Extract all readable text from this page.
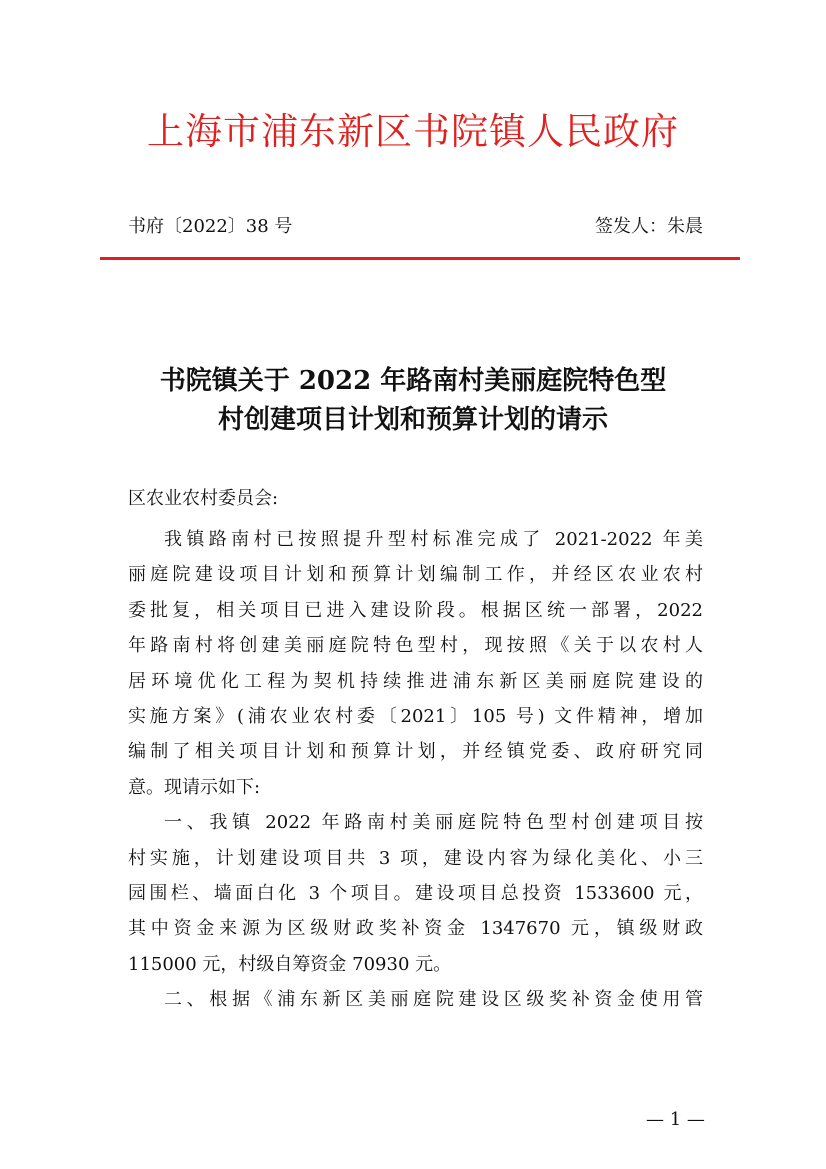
上海市浦东新区书院镇人民政府
书府〔2022〕38 号	签发人：朱晨
书院镇关于 2022 年路南村美丽庭院特色型
村创建项目计划和预算计划的请示
区农业农村委员会:
我镇路南村已按照提升型村标准完成了 2021-2022 年美
丽庭院建设项目计划和预算计划编制工作，并经区农业农村
委批复，相关项目已进入建设阶段。根据区统一部署，2022
年路南村将创建美丽庭院特色型村，现按照《关于以农村人
居环境优化工程为契机持续推进浦东新区美丽庭院建设的
实施方案》(浦农业农村委〔2021〕105 号) 文件精神，增加
编制了相关项目计划和预算计划，并经镇党委、政府研究同
意。现请示如下:
一、我镇 2022 年路南村美丽庭院特色型村创建项目按
村实施，计划建设项目共 3 项，建设内容为绿化美化、小三
园围栏、墙面白化 3 个项目。建设项目总投资 1533600 元，
其中资金来源为区级财政奖补资金 1347670 元，镇级财政
115000 元，村级自筹资金 70930 元。
二、根据《浦东新区美丽庭院建设区级奖补资金使用管
— 1 —
